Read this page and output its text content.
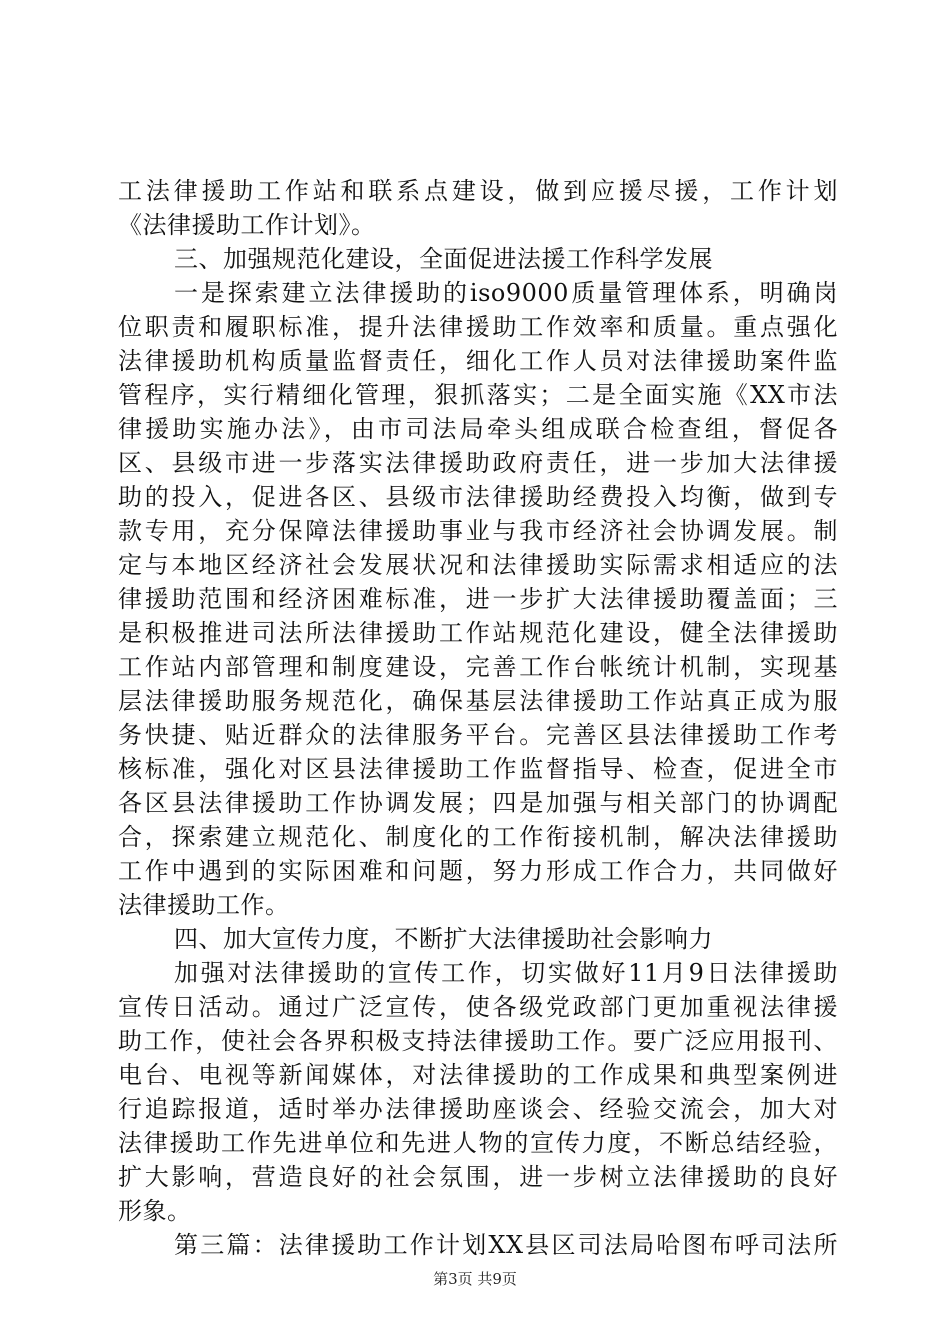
工法律援助工作站和联系点建设，做到应援尽援，工作计划
《法律援助工作计划》。
三、加强规范化建设，全面促进法援工作科学发展
一是探索建立法律援助的iso9000质量管理体系，明确岗
位职责和履职标准，提升法律援助工作效率和质量。重点强化
法律援助机构质量监督责任，细化工作人员对法律援助案件监
管程序，实行精细化管理，狠抓落实；二是全面实施《XX市法
律援助实施办法》，由市司法局牵头组成联合检查组，督促各
区、县级市进一步落实法律援助政府责任，进一步加大法律援
助的投入，促进各区、县级市法律援助经费投入均衡，做到专
款专用，充分保障法律援助事业与我市经济社会协调发展。制
定与本地区经济社会发展状况和法律援助实际需求相适应的法
律援助范围和经济困难标准，进一步扩大法律援助覆盖面；三
是积极推进司法所法律援助工作站规范化建设，健全法律援助
工作站内部管理和制度建设，完善工作台帐统计机制，实现基
层法律援助服务规范化，确保基层法律援助工作站真正成为服
务快捷、贴近群众的法律服务平台。完善区县法律援助工作考
核标准，强化对区县法律援助工作监督指导、检查，促进全市
各区县法律援助工作协调发展；四是加强与相关部门的协调配
合，探索建立规范化、制度化的工作衔接机制，解决法律援助
工作中遇到的实际困难和问题，努力形成工作合力，共同做好
法律援助工作。
四、加大宣传力度，不断扩大法律援助社会影响力
加强对法律援助的宣传工作，切实做好11月9日法律援助
宣传日活动。通过广泛宣传，使各级党政部门更加重视法律援
助工作，使社会各界积极支持法律援助工作。要广泛应用报刊、
电台、电视等新闻媒体，对法律援助的工作成果和典型案例进
行追踪报道，适时举办法律援助座谈会、经验交流会，加大对
法律援助工作先进单位和先进人物的宣传力度，不断总结经验，
扩大影响，营造良好的社会氛围，进一步树立法律援助的良好
形象。
第三篇：法律援助工作计划XX县区司法局哈图布呼司法所
第3页 共9页
